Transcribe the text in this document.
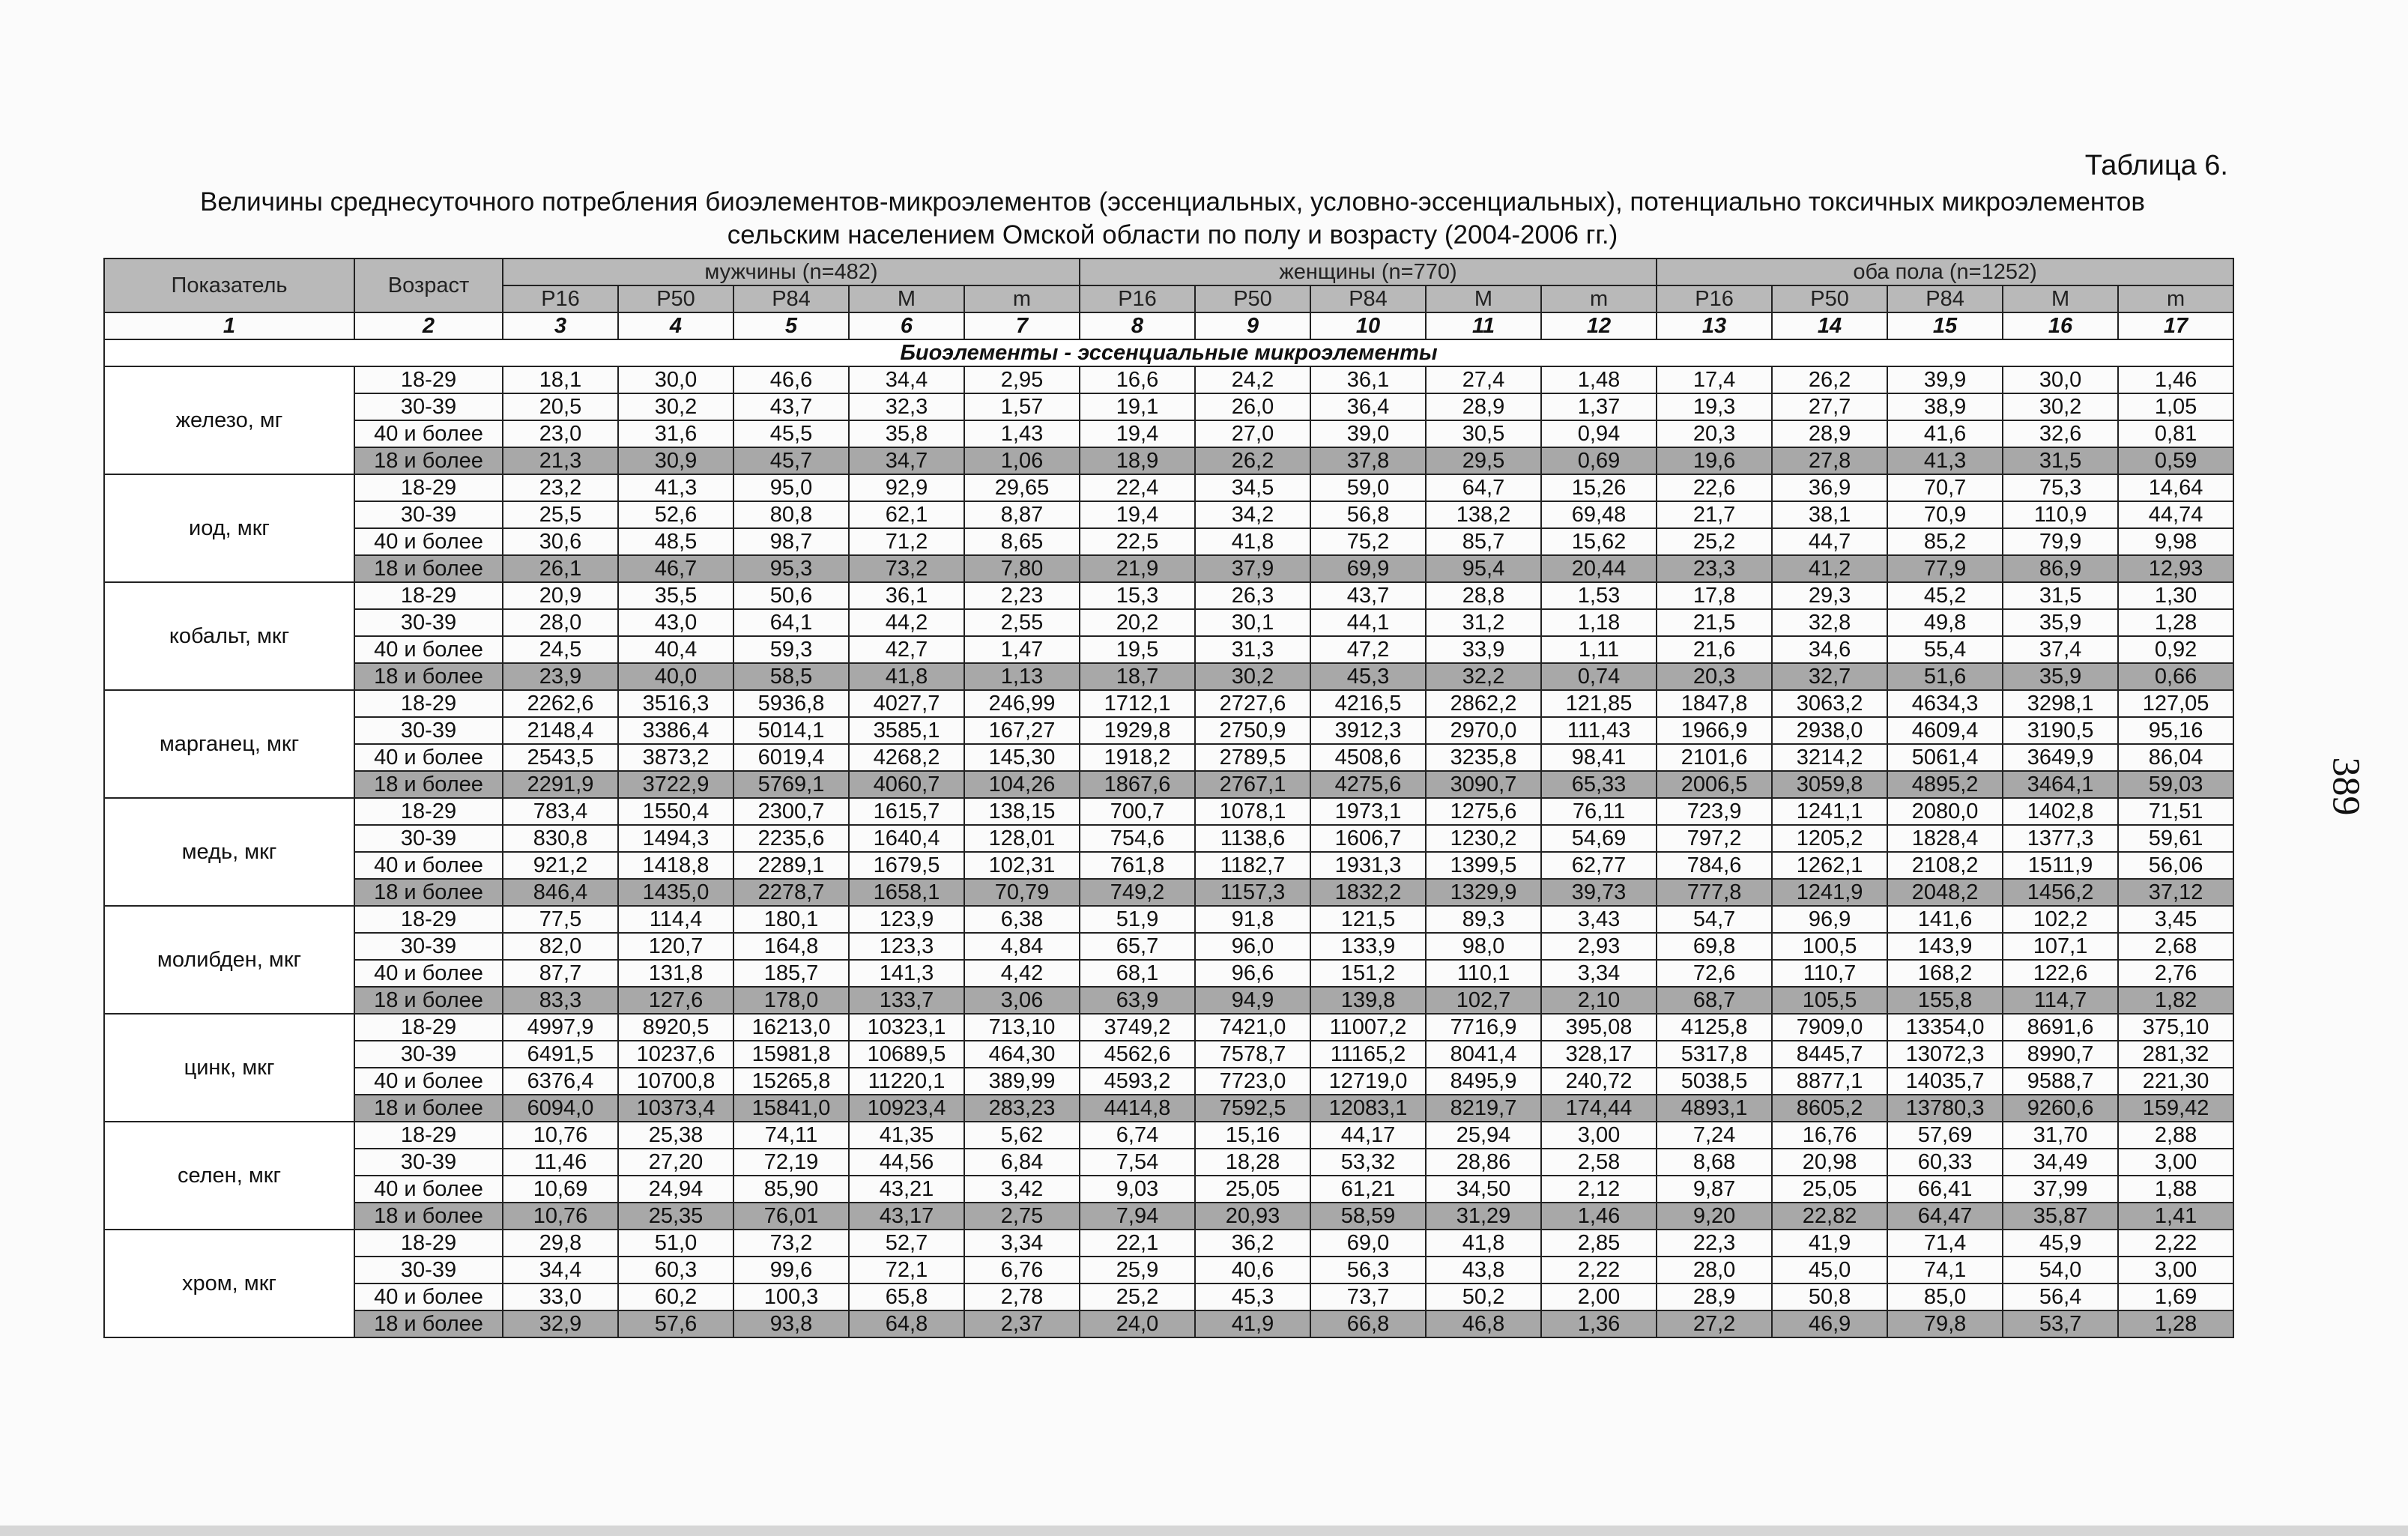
Таблица 6.
Величины среднесуточного потребления биоэлементов-микроэлементов (эссенциальных, условно-эссенциальных), потенциально токсичных микроэлементов
сельским населением Омской области по полу и возрасту (2004-2006 гг.)
389
Показатель	Возраст	мужчины (n=482)					женщины (n=770)					оба пола (n=1252)				
		P16	P50	P84	M	m	P16	P50	P84	M	m	P16	P50	P84	M	m
1	2	3	4	5	6	7	8	9	10	11	12	13	14	15	16	17
Биоэлементы - эссенциальные микроэлементы																
железо, мг	18-29	18,1	30,0	46,6	34,4	2,95	16,6	24,2	36,1	27,4	1,48	17,4	26,2	39,9	30,0	1,46
	30-39	20,5	30,2	43,7	32,3	1,57	19,1	26,0	36,4	28,9	1,37	19,3	27,7	38,9	30,2	1,05
	40 и более	23,0	31,6	45,5	35,8	1,43	19,4	27,0	39,0	30,5	0,94	20,3	28,9	41,6	32,6	0,81
	18 и более	21,3	30,9	45,7	34,7	1,06	18,9	26,2	37,8	29,5	0,69	19,6	27,8	41,3	31,5	0,59
иод, мкг	18-29	23,2	41,3	95,0	92,9	29,65	22,4	34,5	59,0	64,7	15,26	22,6	36,9	70,7	75,3	14,64
	30-39	25,5	52,6	80,8	62,1	8,87	19,4	34,2	56,8	138,2	69,48	21,7	38,1	70,9	110,9	44,74
	40 и более	30,6	48,5	98,7	71,2	8,65	22,5	41,8	75,2	85,7	15,62	25,2	44,7	85,2	79,9	9,98
	18 и более	26,1	46,7	95,3	73,2	7,80	21,9	37,9	69,9	95,4	20,44	23,3	41,2	77,9	86,9	12,93
кобальт, мкг	18-29	20,9	35,5	50,6	36,1	2,23	15,3	26,3	43,7	28,8	1,53	17,8	29,3	45,2	31,5	1,30
	30-39	28,0	43,0	64,1	44,2	2,55	20,2	30,1	44,1	31,2	1,18	21,5	32,8	49,8	35,9	1,28
	40 и более	24,5	40,4	59,3	42,7	1,47	19,5	31,3	47,2	33,9	1,11	21,6	34,6	55,4	37,4	0,92
	18 и более	23,9	40,0	58,5	41,8	1,13	18,7	30,2	45,3	32,2	0,74	20,3	32,7	51,6	35,9	0,66
марганец, мкг	18-29	2262,6	3516,3	5936,8	4027,7	246,99	1712,1	2727,6	4216,5	2862,2	121,85	1847,8	3063,2	4634,3	3298,1	127,05
	30-39	2148,4	3386,4	5014,1	3585,1	167,27	1929,8	2750,9	3912,3	2970,0	111,43	1966,9	2938,0	4609,4	3190,5	95,16
	40 и более	2543,5	3873,2	6019,4	4268,2	145,30	1918,2	2789,5	4508,6	3235,8	98,41	2101,6	3214,2	5061,4	3649,9	86,04
	18 и более	2291,9	3722,9	5769,1	4060,7	104,26	1867,6	2767,1	4275,6	3090,7	65,33	2006,5	3059,8	4895,2	3464,1	59,03
медь, мкг	18-29	783,4	1550,4	2300,7	1615,7	138,15	700,7	1078,1	1973,1	1275,6	76,11	723,9	1241,1	2080,0	1402,8	71,51
	30-39	830,8	1494,3	2235,6	1640,4	128,01	754,6	1138,6	1606,7	1230,2	54,69	797,2	1205,2	1828,4	1377,3	59,61
	40 и более	921,2	1418,8	2289,1	1679,5	102,31	761,8	1182,7	1931,3	1399,5	62,77	784,6	1262,1	2108,2	1511,9	56,06
	18 и более	846,4	1435,0	2278,7	1658,1	70,79	749,2	1157,3	1832,2	1329,9	39,73	777,8	1241,9	2048,2	1456,2	37,12
молибден, мкг	18-29	77,5	114,4	180,1	123,9	6,38	51,9	91,8	121,5	89,3	3,43	54,7	96,9	141,6	102,2	3,45
	30-39	82,0	120,7	164,8	123,3	4,84	65,7	96,0	133,9	98,0	2,93	69,8	100,5	143,9	107,1	2,68
	40 и более	87,7	131,8	185,7	141,3	4,42	68,1	96,6	151,2	110,1	3,34	72,6	110,7	168,2	122,6	2,76
	18 и более	83,3	127,6	178,0	133,7	3,06	63,9	94,9	139,8	102,7	2,10	68,7	105,5	155,8	114,7	1,82
цинк, мкг	18-29	4997,9	8920,5	16213,0	10323,1	713,10	3749,2	7421,0	11007,2	7716,9	395,08	4125,8	7909,0	13354,0	8691,6	375,10
	30-39	6491,5	10237,6	15981,8	10689,5	464,30	4562,6	7578,7	11165,2	8041,4	328,17	5317,8	8445,7	13072,3	8990,7	281,32
	40 и более	6376,4	10700,8	15265,8	11220,1	389,99	4593,2	7723,0	12719,0	8495,9	240,72	5038,5	8877,1	14035,7	9588,7	221,30
	18 и более	6094,0	10373,4	15841,0	10923,4	283,23	4414,8	7592,5	12083,1	8219,7	174,44	4893,1	8605,2	13780,3	9260,6	159,42
селен, мкг	18-29	10,76	25,38	74,11	41,35	5,62	6,74	15,16	44,17	25,94	3,00	7,24	16,76	57,69	31,70	2,88
	30-39	11,46	27,20	72,19	44,56	6,84	7,54	18,28	53,32	28,86	2,58	8,68	20,98	60,33	34,49	3,00
	40 и более	10,69	24,94	85,90	43,21	3,42	9,03	25,05	61,21	34,50	2,12	9,87	25,05	66,41	37,99	1,88
	18 и более	10,76	25,35	76,01	43,17	2,75	7,94	20,93	58,59	31,29	1,46	9,20	22,82	64,47	35,87	1,41
хром, мкг	18-29	29,8	51,0	73,2	52,7	3,34	22,1	36,2	69,0	41,8	2,85	22,3	41,9	71,4	45,9	2,22
	30-39	34,4	60,3	99,6	72,1	6,76	25,9	40,6	56,3	43,8	2,22	28,0	45,0	74,1	54,0	3,00
	40 и более	33,0	60,2	100,3	65,8	2,78	25,2	45,3	73,7	50,2	2,00	28,9	50,8	85,0	56,4	1,69
	18 и более	32,9	57,6	93,8	64,8	2,37	24,0	41,9	66,8	46,8	1,36	27,2	46,9	79,8	53,7	1,28
